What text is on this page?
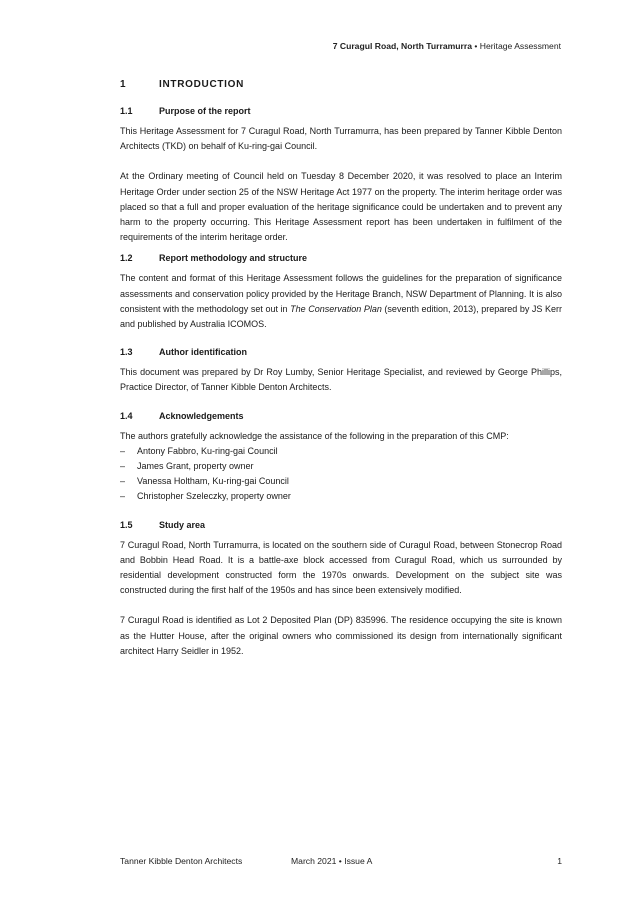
7 Curagul Road, North Turramurra • Heritage Assessment
1	INTRODUCTION
1.1	Purpose of the report

This Heritage Assessment for 7 Curagul Road, North Turramurra, has been prepared by Tanner Kibble Denton Architects (TKD) on behalf of Ku-ring-gai Council.

At the Ordinary meeting of Council held on Tuesday 8 December 2020, it was resolved to place an Interim Heritage Order under section 25 of the NSW Heritage Act 1977 on the property. The interim heritage order was placed so that a full and proper evaluation of the heritage significance could be undertaken and to prevent any harm to the property occurring. This Heritage Assessment report has been undertaken in fulfilment of the requirements of the interim heritage order.

1.2	Report methodology and structure

The content and format of this Heritage Assessment follows the guidelines for the preparation of significance assessments and conservation policy provided by the Heritage Branch, NSW Department of Planning. It is also consistent with the methodology set out in The Conservation Plan (seventh edition, 2013), prepared by JS Kerr and published by Australia ICOMOS.

1.3	Author identification

This document was prepared by Dr Roy Lumby, Senior Heritage Specialist, and reviewed by George Phillips, Practice Director, of Tanner Kibble Denton Architects.

1.4	Acknowledgements

The authors gratefully acknowledge the assistance of the following in the preparation of this CMP:

–	Antony Fabbro, Ku-ring-gai Council
–	James Grant, property owner
–	Vanessa Holtham, Ku-ring-gai Council
–	Christopher Szeleczky, property owner
1.5	Study area

7 Curagul Road, North Turramurra, is located on the southern side of Curagul Road, between Stonecrop Road and Bobbin Head Road. It is a battle-axe block accessed from Curagul Road, which us surrounded by residential development constructed form the 1970s onwards. Development on the subject site was constructed during the first half of the 1950s and has since been extensively modified.

7 Curagul Road is identified as Lot 2 Deposited Plan (DP) 835996. The residence occupying the site is known as the Hutter House, after the original owners who commissioned its design from internationally significant architect Harry Seidler in 1952.

Tanner Kibble Denton Architects	March 2021 • Issue A	1
